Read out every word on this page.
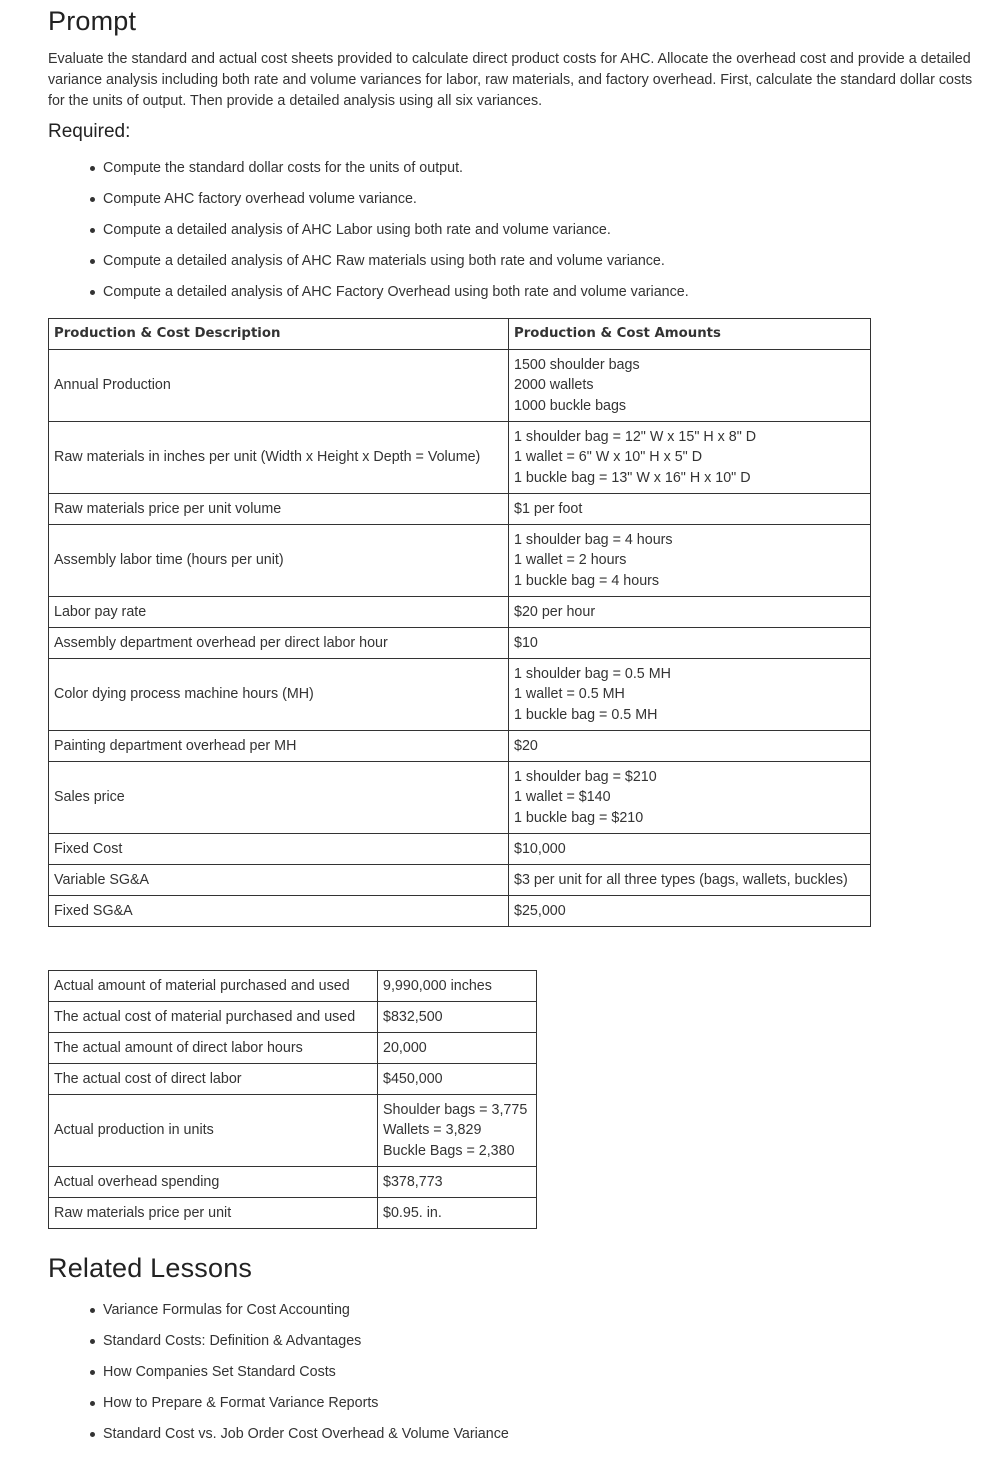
Prompt

Evaluate the standard and actual cost sheets provided to calculate direct product costs for AHC. Allocate the overhead cost and provide a detailed variance analysis including both rate and volume variances for labor, raw materials, and factory overhead. First, calculate the standard dollar costs for the units of output. Then provide a detailed analysis using all six variances.

Required:
Compute the standard dollar costs for the units of output.
Compute AHC factory overhead volume variance.
Compute a detailed analysis of AHC Labor using both rate and volume variance.
Compute a detailed analysis of AHC Raw materials using both rate and volume variance.
Compute a detailed analysis of AHC Factory Overhead using both rate and volume variance.
Production & Cost Description	Production & Cost Amounts
Annual Production	1500 shoulder bags
2000 wallets
1000 buckle bags

Raw materials in inches per unit (Width x Height x Depth = Volume)	1 shoulder bag = 12" W x 15" H x 8" D
1 wallet = 6" W x 10" H x 5" D
1 buckle bag = 13" W x 16" H x 10" D

Raw materials price per unit volume	$1 per foot

Assembly labor time (hours per unit)	1 shoulder bag = 4 hours
1 wallet = 2 hours
1 buckle bag = 4 hours

Labor pay rate	$20 per hour

Assembly department overhead per direct labor hour	$10

Color dying process machine hours (MH)	1 shoulder bag = 0.5 MH
1 wallet = 0.5 MH
1 buckle bag = 0.5 MH

Painting department overhead per MH	$20

Sales price	1 shoulder bag = $210
1 wallet = $140
1 buckle bag = $210

Fixed Cost	$10,000

Variable SG&A	$3 per unit for all three types (bags, wallets, buckles)

Fixed SG&A	$25,000
Actual amount of material purchased and used	9,990,000 inches

The actual cost of material purchased and used	$832,500

The actual amount of direct labor hours	20,000

The actual cost of direct labor	$450,000

Actual production in units	Shoulder bags = 3,775
Wallets = 3,829
Buckle Bags = 2,380

Actual overhead spending	$378,773

Raw materials price per unit	$0.95. in.
Related Lessons
Variance Formulas for Cost Accounting
Standard Costs: Definition & Advantages
How Companies Set Standard Costs
How to Prepare & Format Variance Reports
Standard Cost vs. Job Order Cost Overhead & Volume Variance
